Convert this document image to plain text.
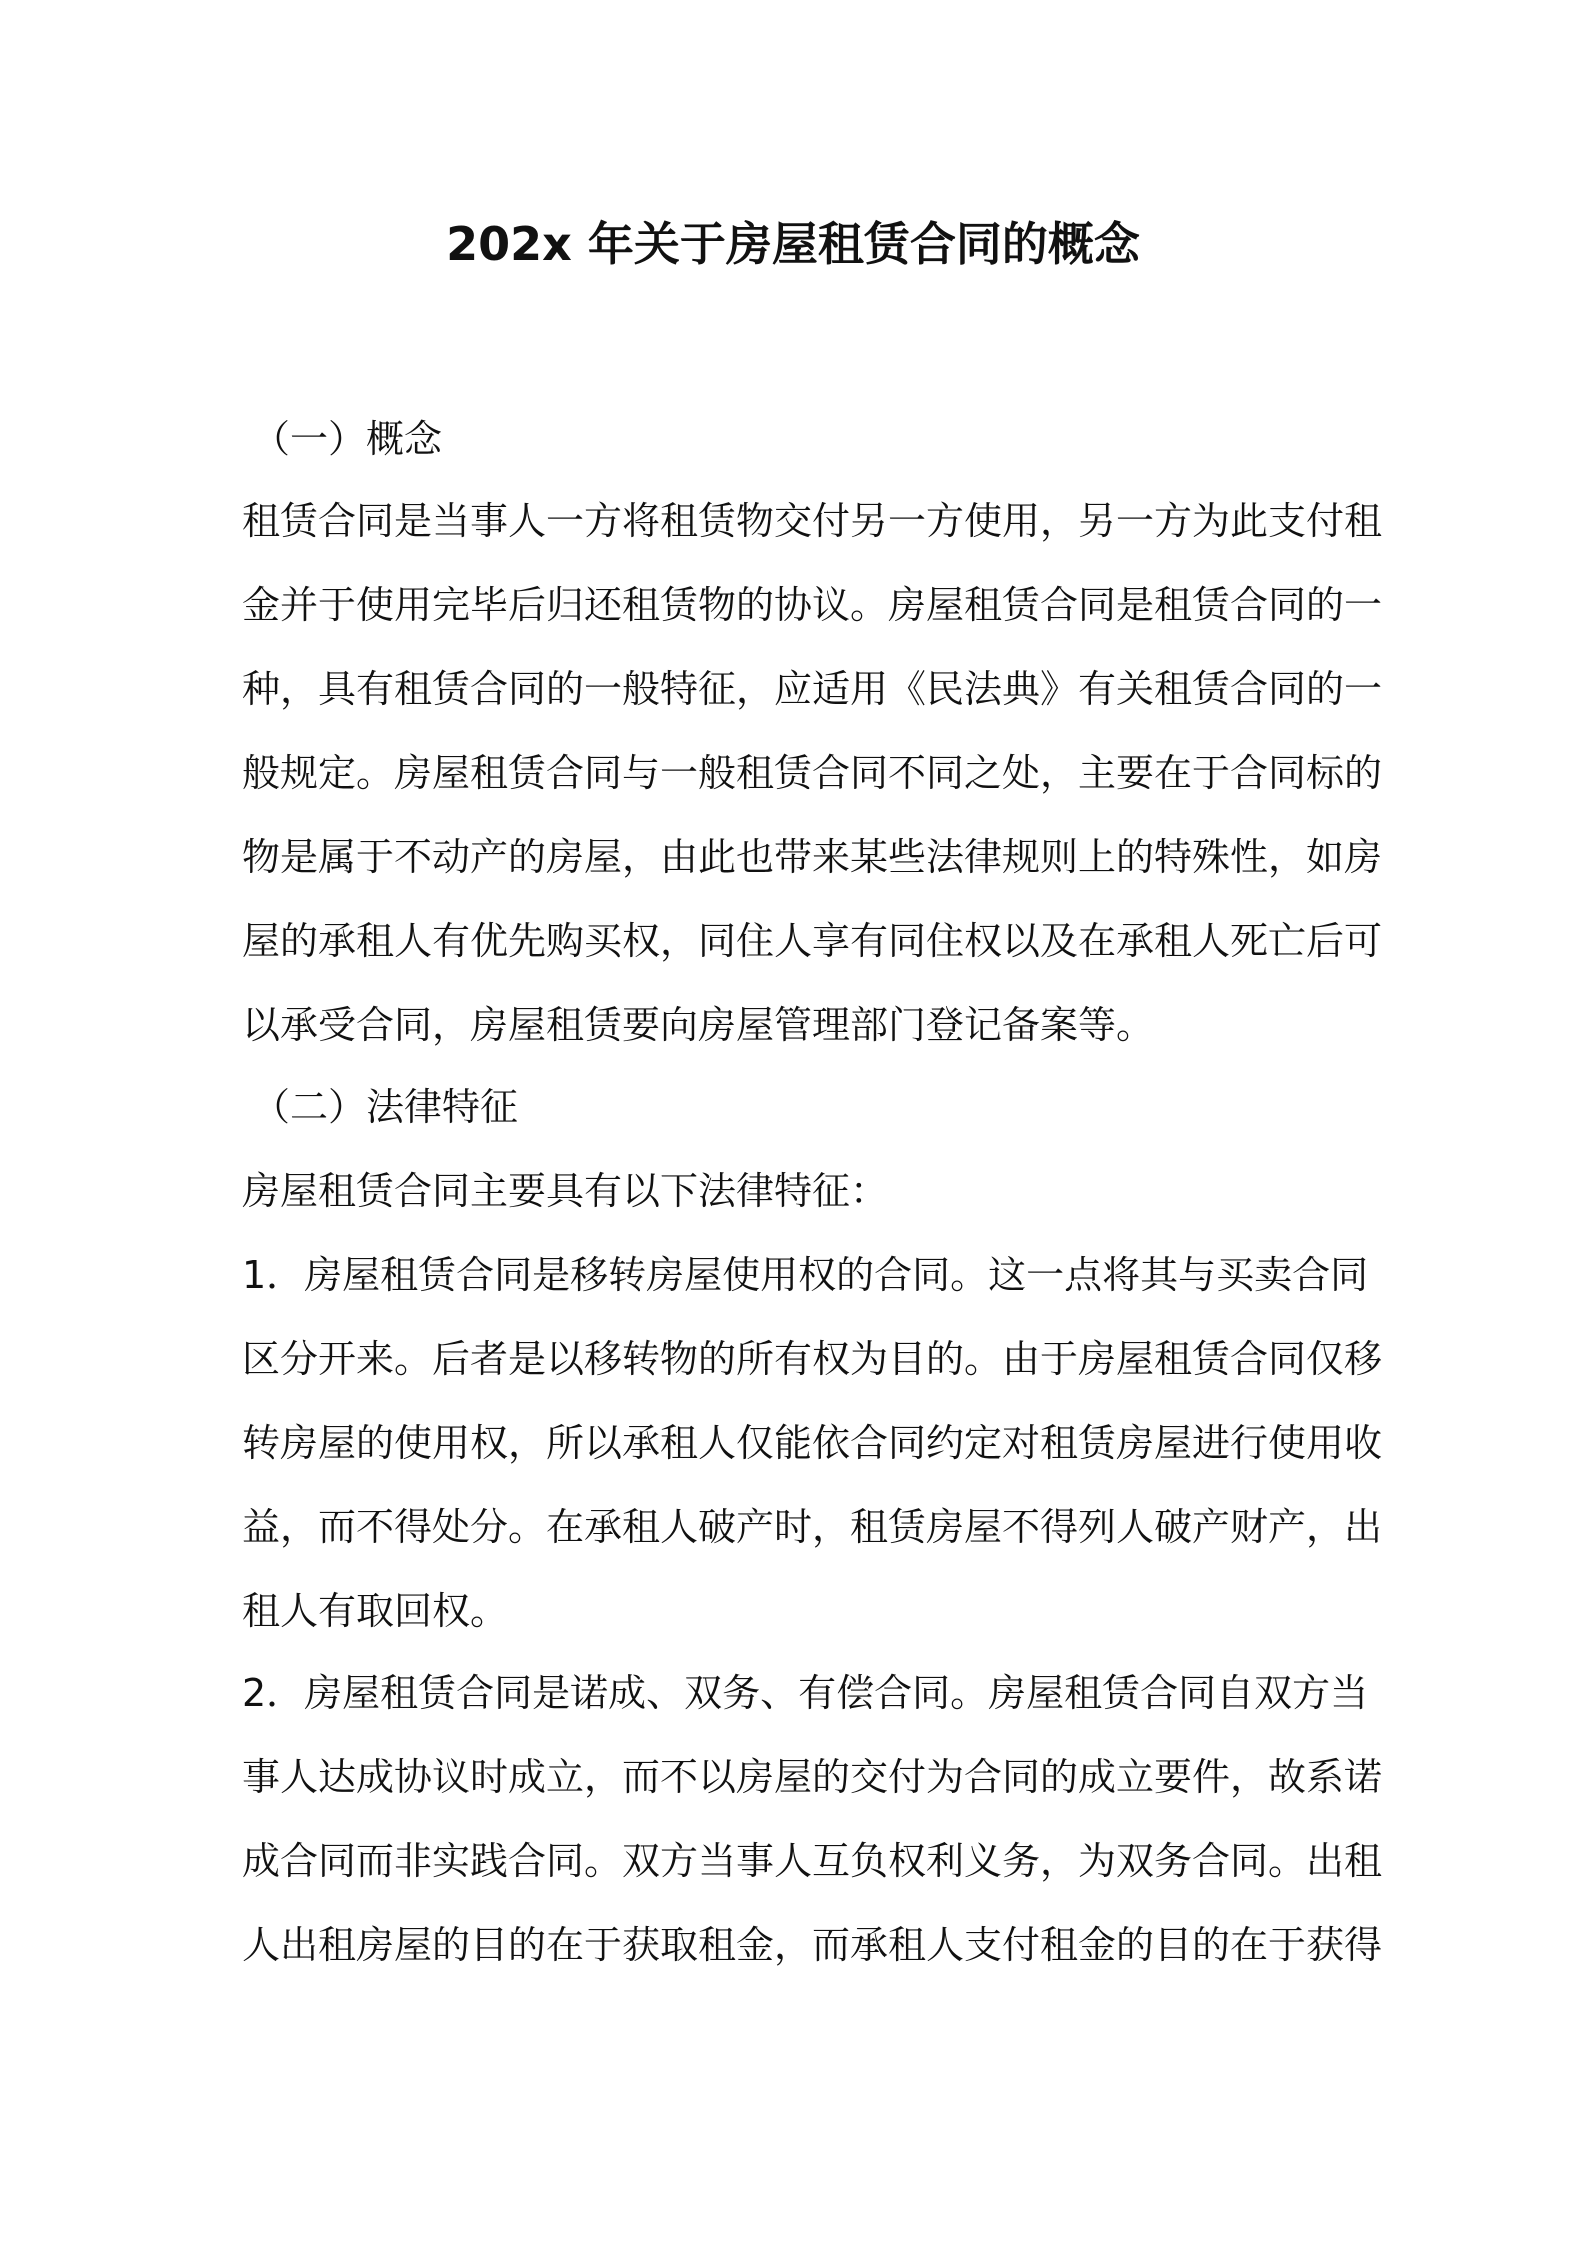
202x 年关于房屋租赁合同的概念
（一）概念
租赁合同是当事人一方将租赁物交付另一方使用，另一方为此支付租
金并于使用完毕后归还租赁物的协议。房屋租赁合同是租赁合同的一
种，具有租赁合同的一般特征，应适用《民法典》有关租赁合同的一
般规定。房屋租赁合同与一般租赁合同不同之处，主要在于合同标的
物是属于不动产的房屋，由此也带来某些法律规则上的特殊性，如房
屋的承租人有优先购买权，同住人享有同住权以及在承租人死亡后可
以承受合同，房屋租赁要向房屋管理部门登记备案等。
（二）法律特征
房屋租赁合同主要具有以下法律特征：
1．房屋租赁合同是移转房屋使用权的合同。这一点将其与买卖合同
区分开来。后者是以移转物的所有权为目的。由于房屋租赁合同仅移
转房屋的使用权，所以承租人仅能依合同约定对租赁房屋进行使用收
益，而不得处分。在承租人破产时，租赁房屋不得列人破产财产，出
租人有取回权。
2．房屋租赁合同是诺成、双务、有偿合同。房屋租赁合同自双方当
事人达成协议时成立，而不以房屋的交付为合同的成立要件，故系诺
成合同而非实践合同。双方当事人互负权利义务，为双务合同。出租
人出租房屋的目的在于获取租金，而承租人支付租金的目的在于获得
